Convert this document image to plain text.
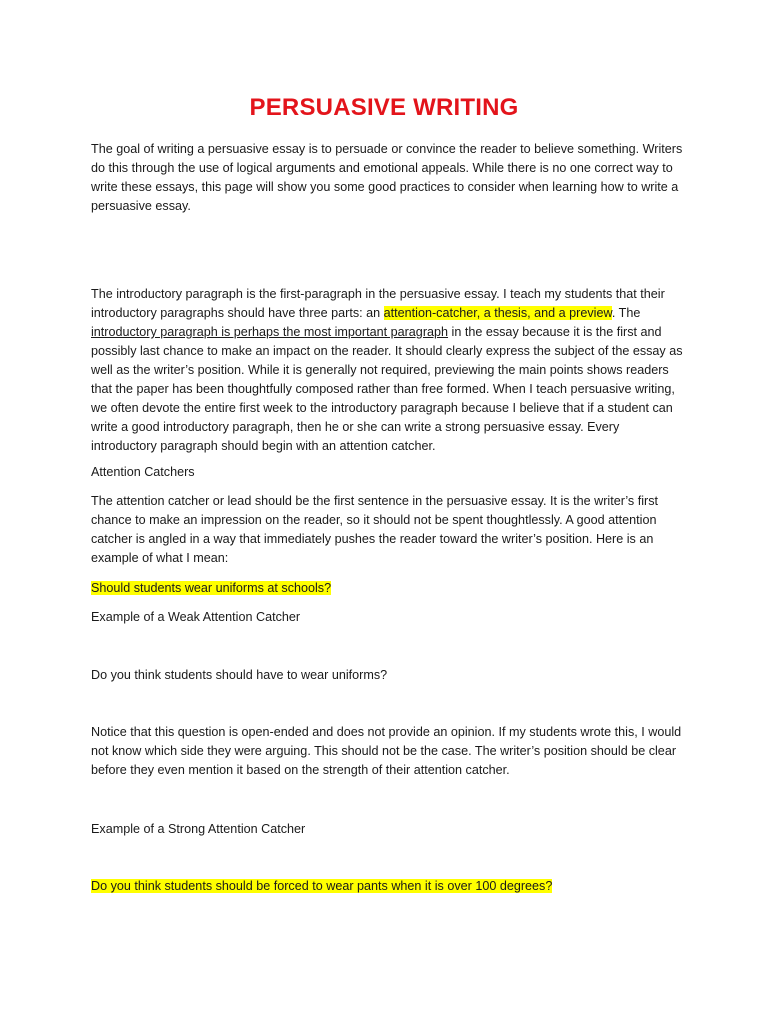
PERSUASIVE WRITING

The goal of writing a persuasive essay is to persuade or convince the reader to believe something. Writers do this through the use of logical arguments and emotional appeals. While there is no one correct way to write these essays, this page will show you some good practices to consider when learning how to write a persuasive essay.

The introductory paragraph is the first-paragraph in the persuasive essay. I teach my students that their introductory paragraphs should have three parts: an attention-catcher, a thesis, and a preview. The introductory paragraph is perhaps the most important paragraph in the essay because it is the first and possibly last chance to make an impact on the reader. It should clearly express the subject of the essay as well as the writer’s position. While it is generally not required, previewing the main points shows readers that the paper has been thoughtfully composed rather than free formed. When I teach persuasive writing, we often devote the entire first week to the introductory paragraph because I believe that if a student can write a good introductory paragraph, then he or she can write a strong persuasive essay. Every introductory paragraph should begin with an attention catcher.

Attention Catchers

The attention catcher or lead should be the first sentence in the persuasive essay. It is the writer’s first chance to make an impression on the reader, so it should not be spent thoughtlessly. A good attention catcher is angled in a way that immediately pushes the reader toward the writer’s position. Here is an example of what I mean:

Should students wear uniforms at schools?

Example of a Weak Attention Catcher

Do you think students should have to wear uniforms?

Notice that this question is open-ended and does not provide an opinion. If my students wrote this, I would not know which side they were arguing. This should not be the case. The writer’s position should be clear before they even mention it based on the strength of their attention catcher.

Example of a Strong Attention Catcher

Do you think students should be forced to wear pants when it is over 100 degrees?
